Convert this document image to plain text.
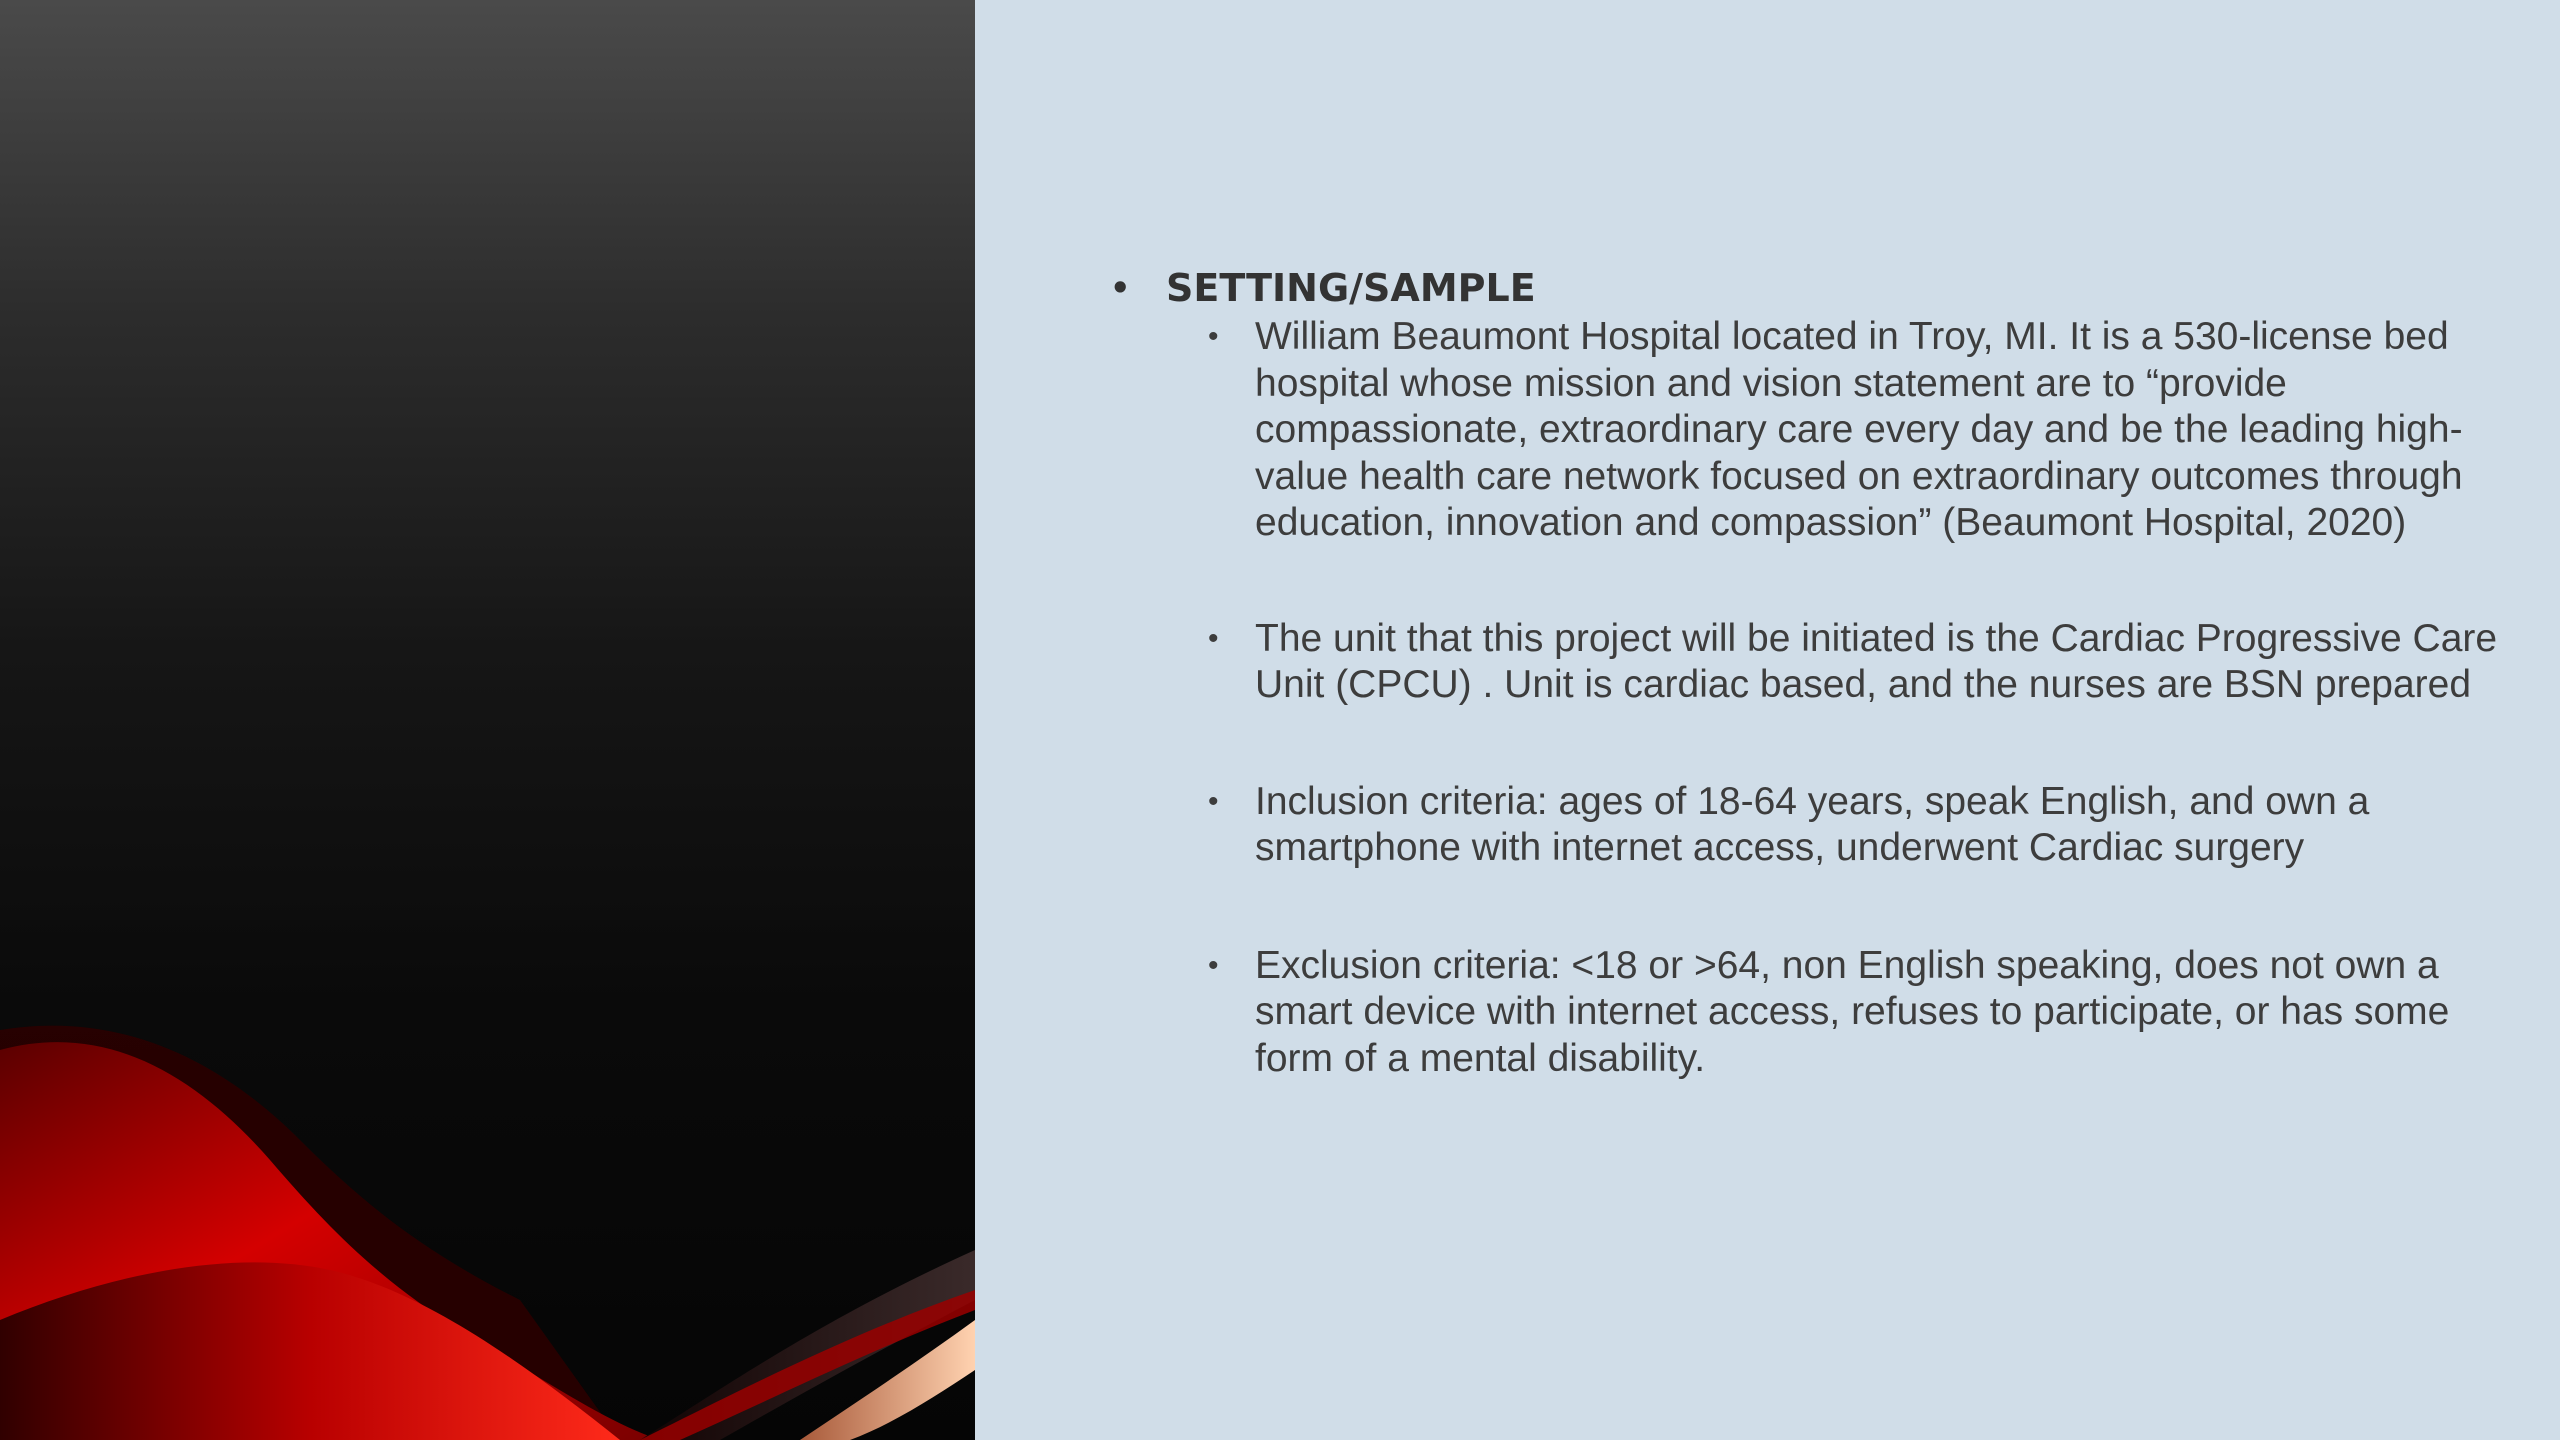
• SETTING/SAMPLE
• William Beaumont Hospital located in Troy, MI. It is a 530-license bed hospital whose mission and vision statement are to “provide compassionate, extraordinary care every day and be the leading high-value health care network focused on extraordinary outcomes through education, innovation and compassion” (Beaumont Hospital, 2020)
• The unit that this project will be initiated is the Cardiac Progressive Care Unit (CPCU) . Unit is cardiac based, and the nurses are BSN prepared
• Inclusion criteria: ages of 18-64 years, speak English, and own a smartphone with internet access, underwent Cardiac surgery
• Exclusion criteria: <18 or >64, non English speaking, does not own a smart device with internet access, refuses to participate, or has some form of a mental disability.
